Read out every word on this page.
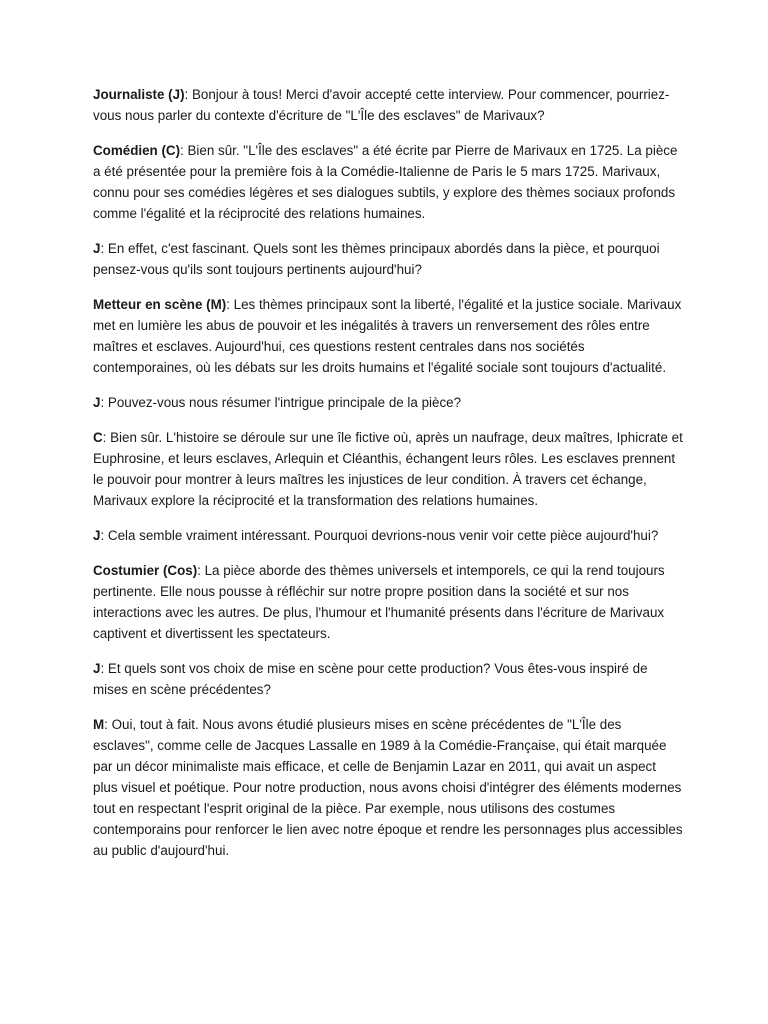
Journaliste (J): Bonjour à tous! Merci d'avoir accepté cette interview. Pour commencer, pourriez-vous nous parler du contexte d'écriture de "L'Île des esclaves" de Marivaux?

Comédien (C): Bien sûr. "L'Île des esclaves" a été écrite par Pierre de Marivaux en 1725. La pièce a été présentée pour la première fois à la Comédie-Italienne de Paris le 5 mars 1725. Marivaux, connu pour ses comédies légères et ses dialogues subtils, y explore des thèmes sociaux profonds comme l'égalité et la réciprocité des relations humaines.

J: En effet, c'est fascinant. Quels sont les thèmes principaux abordés dans la pièce, et pourquoi pensez-vous qu'ils sont toujours pertinents aujourd'hui?

Metteur en scène (M): Les thèmes principaux sont la liberté, l'égalité et la justice sociale. Marivaux met en lumière les abus de pouvoir et les inégalités à travers un renversement des rôles entre maîtres et esclaves. Aujourd'hui, ces questions restent centrales dans nos sociétés contemporaines, où les débats sur les droits humains et l'égalité sociale sont toujours d'actualité.

J: Pouvez-vous nous résumer l'intrigue principale de la pièce?

C: Bien sûr. L'histoire se déroule sur une île fictive où, après un naufrage, deux maîtres, Iphicrate et Euphrosine, et leurs esclaves, Arlequin et Cléanthis, échangent leurs rôles. Les esclaves prennent le pouvoir pour montrer à leurs maîtres les injustices de leur condition. À travers cet échange, Marivaux explore la réciprocité et la transformation des relations humaines.

J: Cela semble vraiment intéressant. Pourquoi devrions-nous venir voir cette pièce aujourd'hui?

Costumier (Cos): La pièce aborde des thèmes universels et intemporels, ce qui la rend toujours pertinente. Elle nous pousse à réfléchir sur notre propre position dans la société et sur nos interactions avec les autres. De plus, l'humour et l'humanité présents dans l'écriture de Marivaux captivent et divertissent les spectateurs.

J: Et quels sont vos choix de mise en scène pour cette production? Vous êtes-vous inspiré de mises en scène précédentes?

M: Oui, tout à fait. Nous avons étudié plusieurs mises en scène précédentes de "L'Île des esclaves", comme celle de Jacques Lassalle en 1989 à la Comédie-Française, qui était marquée par un décor minimaliste mais efficace, et celle de Benjamin Lazar en 2011, qui avait un aspect plus visuel et poétique. Pour notre production, nous avons choisi d'intégrer des éléments modernes tout en respectant l'esprit original de la pièce. Par exemple, nous utilisons des costumes contemporains pour renforcer le lien avec notre époque et rendre les personnages plus accessibles au public d'aujourd'hui.
